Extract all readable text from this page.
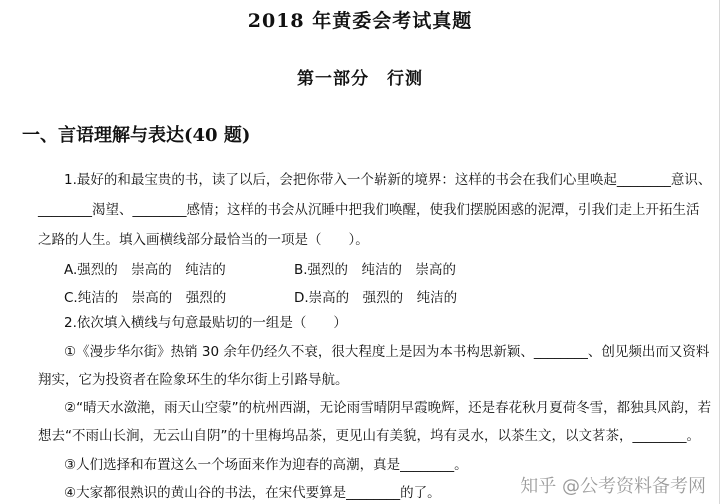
2018 年黄委会考试真题
第一部分　行测
一、言语理解与表达(40 题)
1.最好的和最宝贵的书，读了以后，会把你带入一个崭新的境界：这样的书会在我们心里唤起________意识、
________渴望、________感情；这样的书会从沉睡中把我们唤醒，使我们摆脱困惑的泥潭，引我们走上开拓生活
之路的人生。填入画横线部分最恰当的一项是（　　）。
A.强烈的　崇高的　纯洁的	B.强烈的　纯洁的　崇高的
C.纯洁的　崇高的　强烈的	D.崇高的　强烈的　纯洁的
2.依次填入横线与句意最贴切的一组是（　　）
①《漫步华尔街》热销 30 余年仍经久不衰，很大程度上是因为本书构思新颖、________、创见频出而又资料
翔实，它为投资者在险象环生的华尔街上引路导航。
②“晴天水潋滟，雨天山空蒙”的杭州西湖，无论雨雪晴阴早霞晚辉，还是春花秋月夏荷冬雪，都独具风韵，若
想去“不雨山长涧，无云山自阴”的十里梅坞品茶，更见山有美貌，坞有灵水，以茶生文，以文茗茶，________。
③人们选择和布置这么一个场面来作为迎春的高潮，真是________。
④大家都很熟识的黄山谷的书法，在宋代要算是________的了。	知乎 @公考资料备考网
